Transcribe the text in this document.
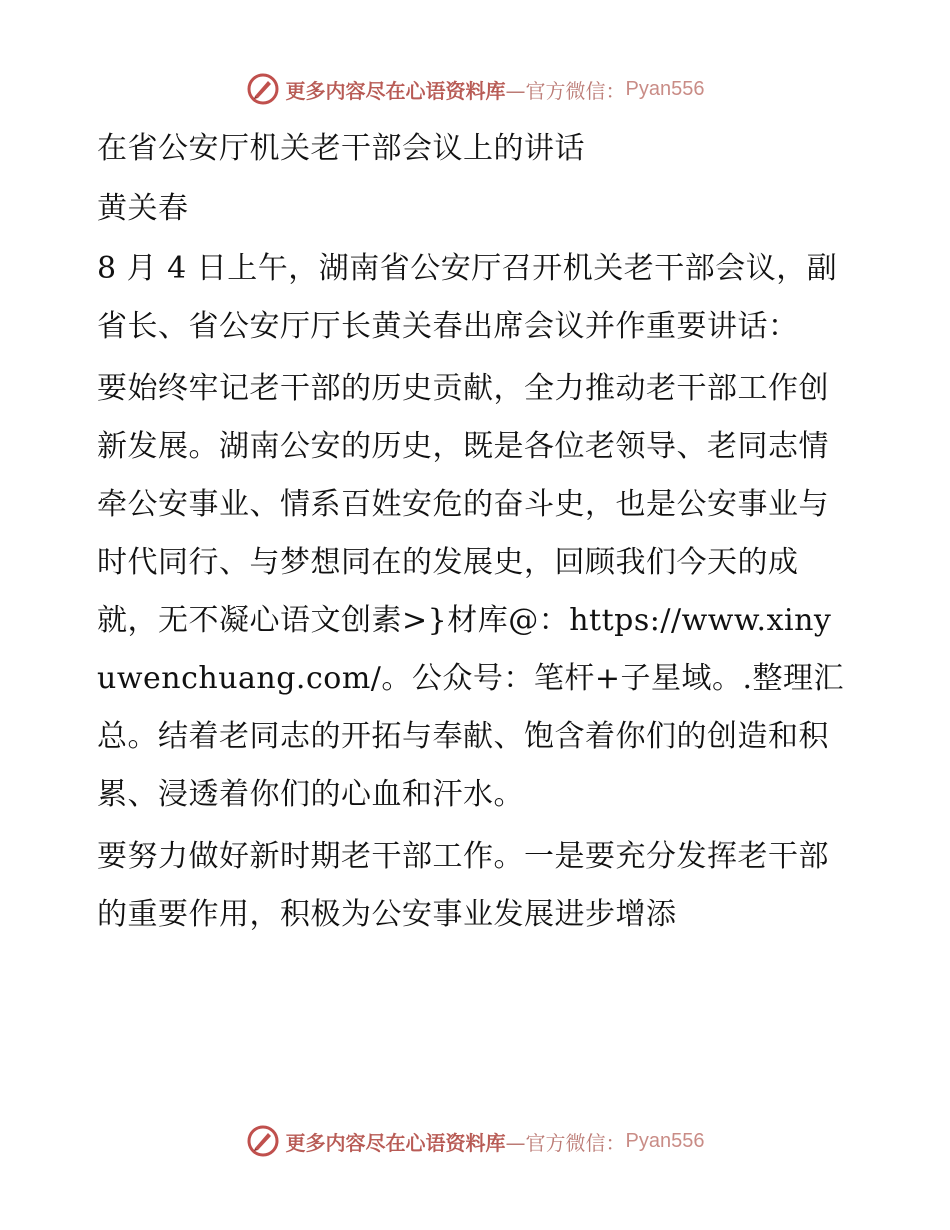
更多内容尽在心语资料库 —官方微信： Pyan556

在省公安厅机关老干部会议上的讲话

黄关春

8 月 4 日上午，湖南省公安厅召开机关老干部会议，副省长、省公安厅厅长黄关春出席会议并作重要讲话：

要始终牢记老干部的历史贡献，全力推动老干部工作创新发展。湖南公安的历史，既是各位老领导、老同志情牵公安事业、情系百姓安危的奋斗史，也是公安事业与时代同行、与梦想同在的发展史，回顾我们今天的成就，无不凝心语文创素>}材库@：https://www.xinyuwenchuang.com/。公众号：笔杆+子星域。.整理汇总。结着老同志的开拓与奉献、饱含着你们的创造和积累、浸透着你们的心血和汗水。

要努力做好新时期老干部工作。一是要充分发挥老干部的重要作用，积极为公安事业发展进步增添

更多内容尽在心语资料库 —官方微信： Pyan556
